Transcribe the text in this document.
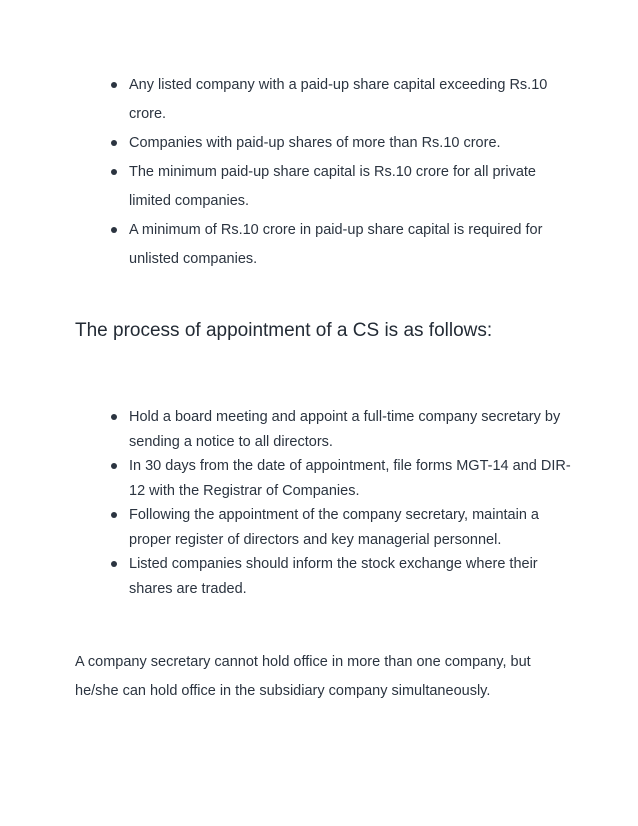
Any listed company with a paid-up share capital exceeding Rs.10 crore.
Companies with paid-up shares of more than Rs.10 crore.
The minimum paid-up share capital is Rs.10 crore for all private limited companies.
A minimum of Rs.10 crore in paid-up share capital is required for unlisted companies.
The process of appointment of a CS is as follows:
Hold a board meeting and appoint a full-time company secretary by sending a notice to all directors.
In 30 days from the date of appointment, file forms MGT-14 and DIR-12 with the Registrar of Companies.
Following the appointment of the company secretary, maintain a proper register of directors and key managerial personnel.
Listed companies should inform the stock exchange where their shares are traded.

A company secretary cannot hold office in more than one company, but he/she can hold office in the subsidiary company simultaneously.
